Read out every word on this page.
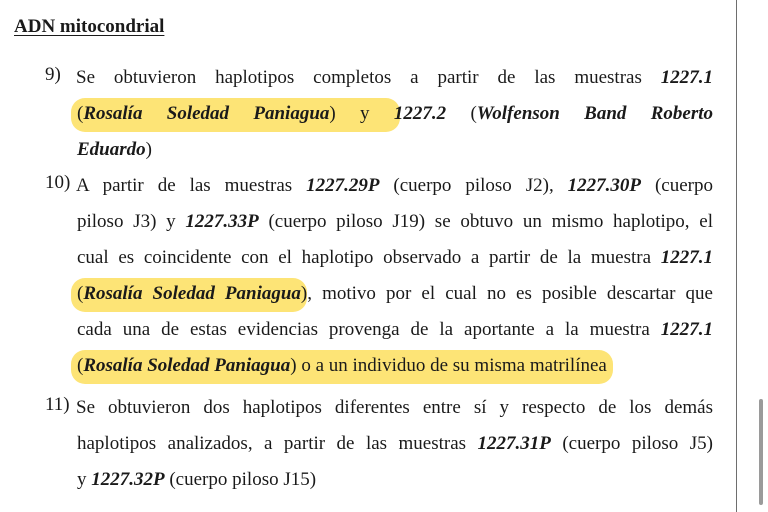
ADN mitocondrial
9) Se obtuvieron haplotipos completos a partir de las muestras 1227.1
(Rosalía Soledad Paniagua) y 1227.2 (Wolfenson Band Roberto
Eduardo)
10) A partir de las muestras 1227.29P (cuerpo piloso J2), 1227.30P (cuerpo
piloso J3) y 1227.33P (cuerpo piloso J19) se obtuvo un mismo haplotipo, el
cual es coincidente con el haplotipo observado a partir de la muestra 1227.1
(Rosalía Soledad Paniagua), motivo por el cual no es posible descartar que
cada una de estas evidencias provenga de la aportante a la muestra 1227.1
(Rosalía Soledad Paniagua) o a un individuo de su misma matrilínea
11) Se obtuvieron dos haplotipos diferentes entre sí y respecto de los demás
haplotipos analizados, a partir de las muestras 1227.31P (cuerpo piloso J5)
y 1227.32P (cuerpo piloso J15)
